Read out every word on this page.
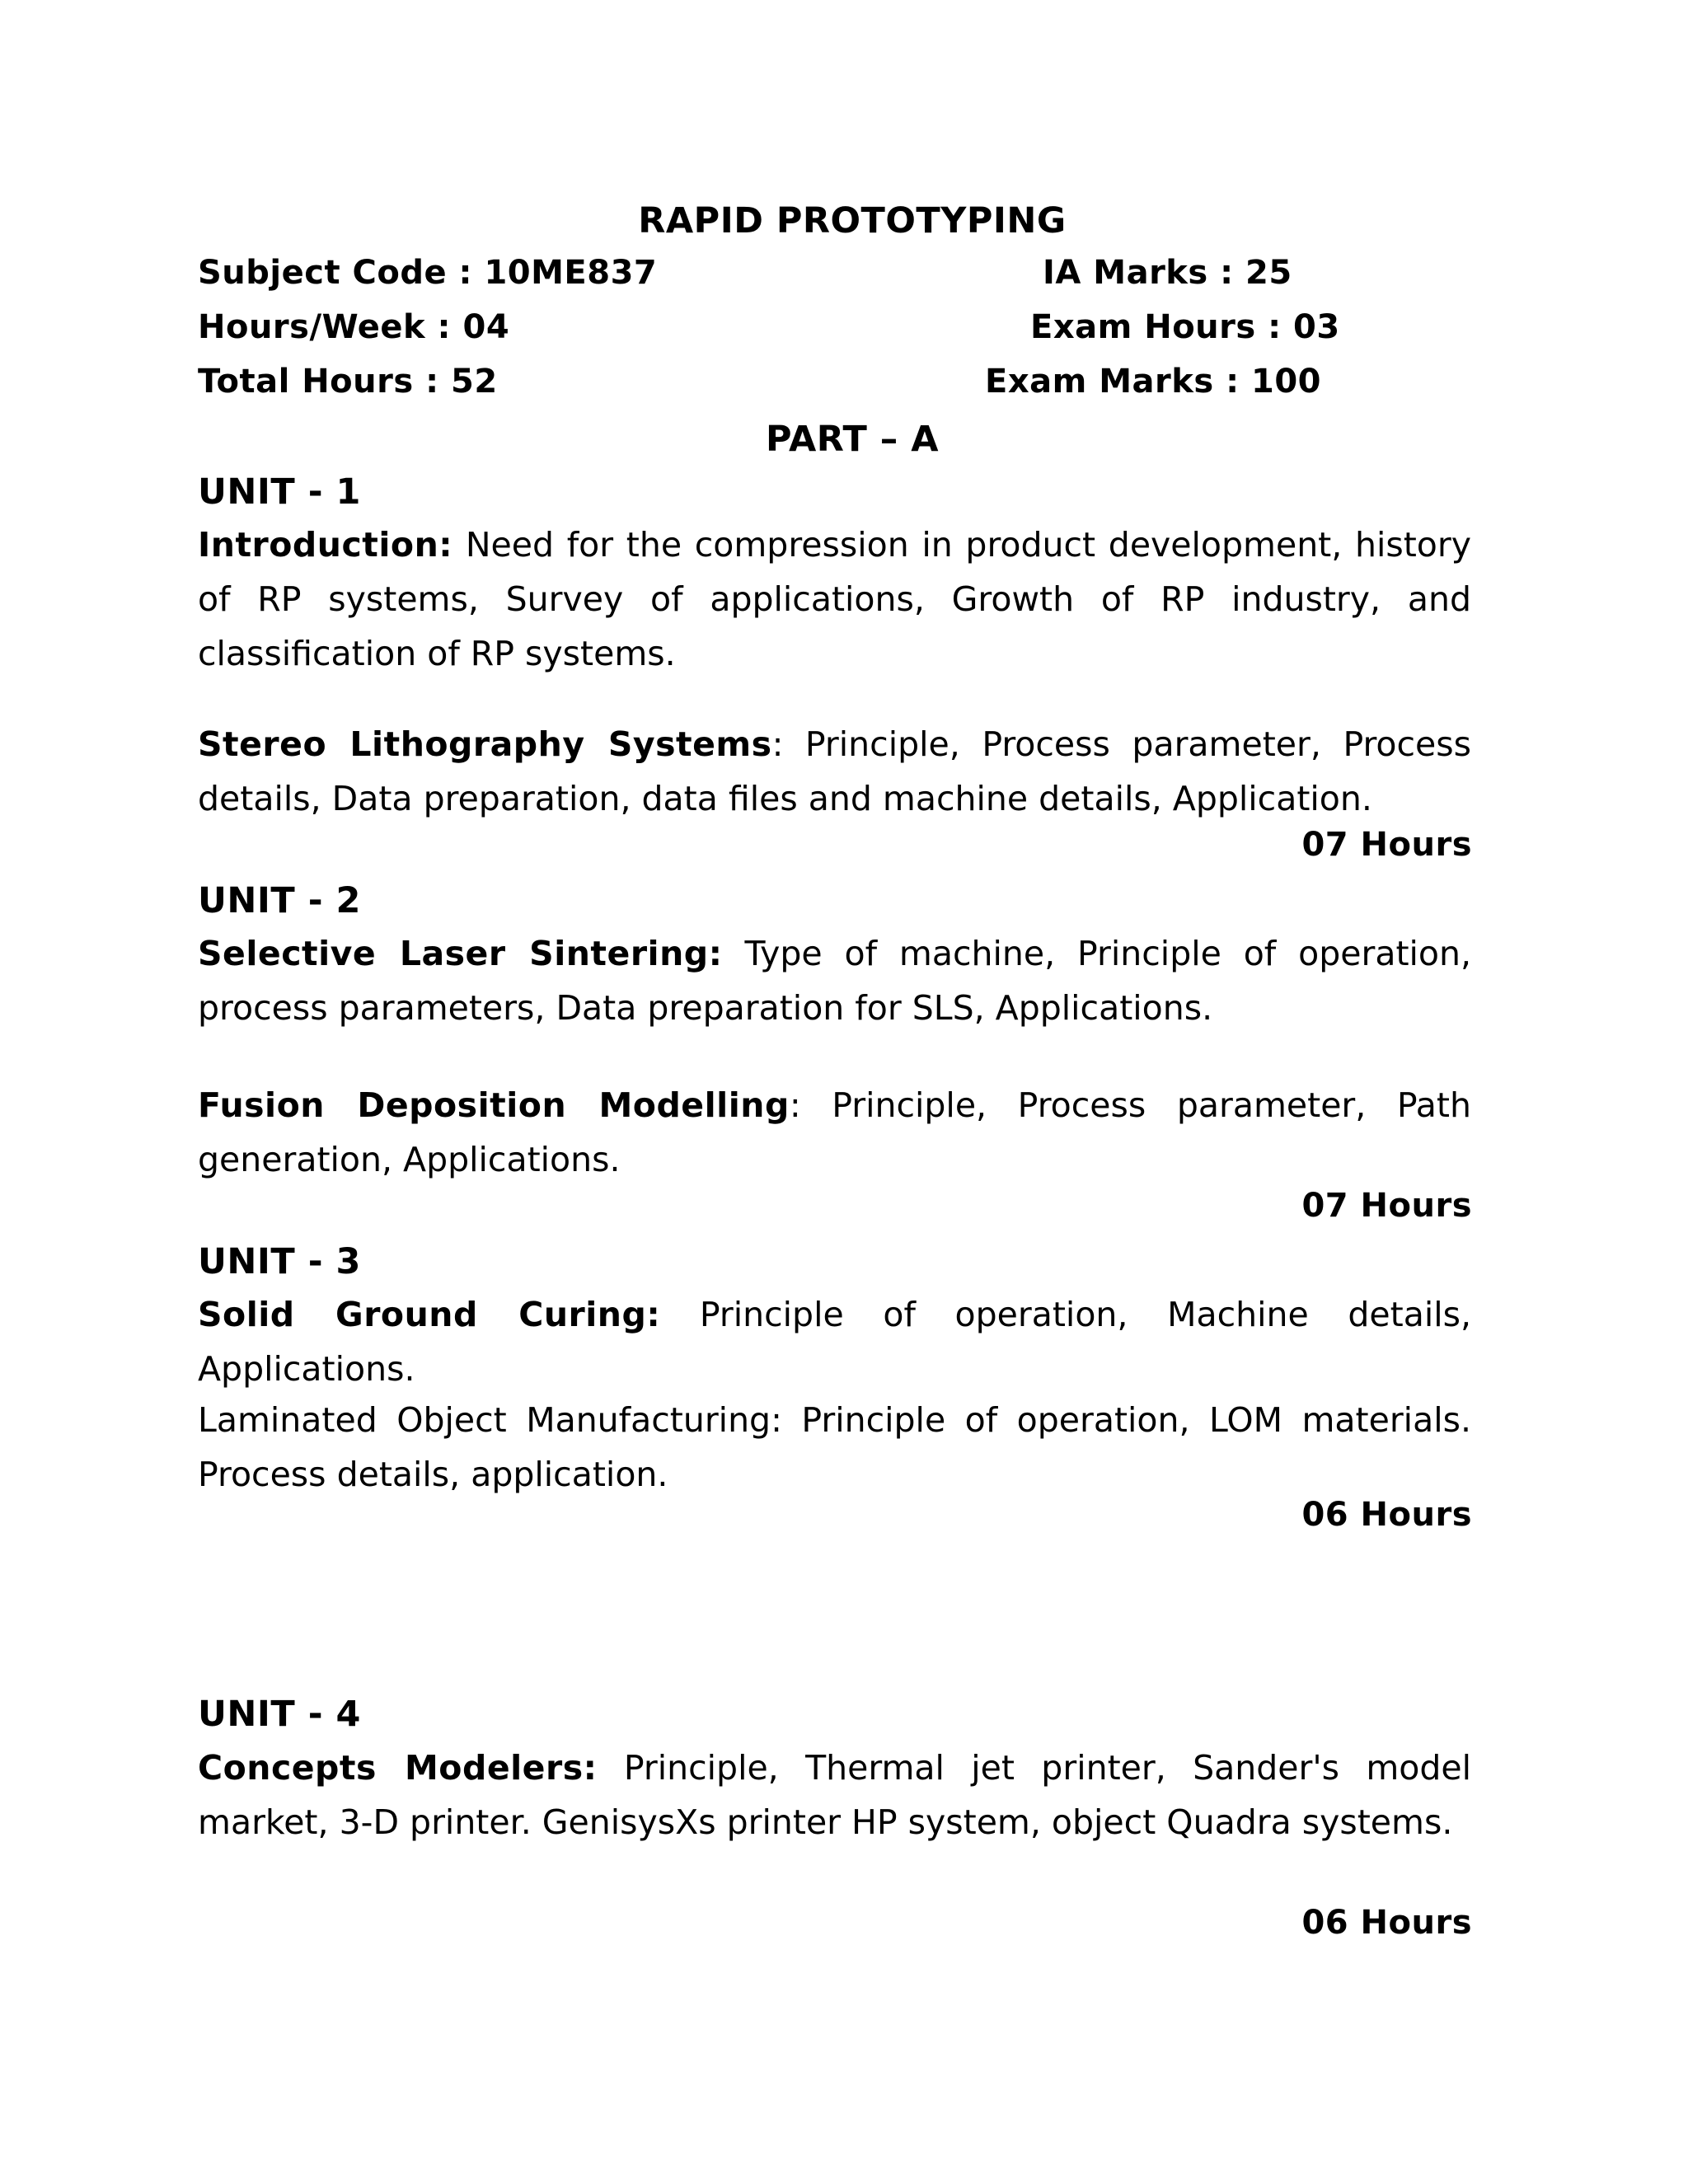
RAPID PROTOTYPING
Subject Code : 10ME837	IA Marks : 25
Hours/Week : 04	Exam Hours : 03
Total Hours : 52	Exam Marks : 100
PART – A
UNIT - 1
Introduction: Need for the compression in product development, history of RP systems, Survey of applications, Growth of RP industry, and classification of RP systems.
Stereo Lithography Systems: Principle, Process parameter, Process details, Data preparation, data files and machine details, Application.
07 Hours
UNIT - 2
Selective Laser Sintering: Type of machine, Principle of operation, process parameters, Data preparation for SLS, Applications.
Fusion Deposition Modelling: Principle, Process parameter, Path generation, Applications.
07 Hours
UNIT - 3
Solid Ground Curing: Principle of operation, Machine details, Applications.
Laminated Object Manufacturing: Principle of operation, LOM materials. Process details, application.
06 Hours
UNIT - 4
Concepts Modelers: Principle, Thermal jet printer, Sander's model market, 3-D printer. GenisysXs printer HP system, object Quadra systems.
06 Hours
